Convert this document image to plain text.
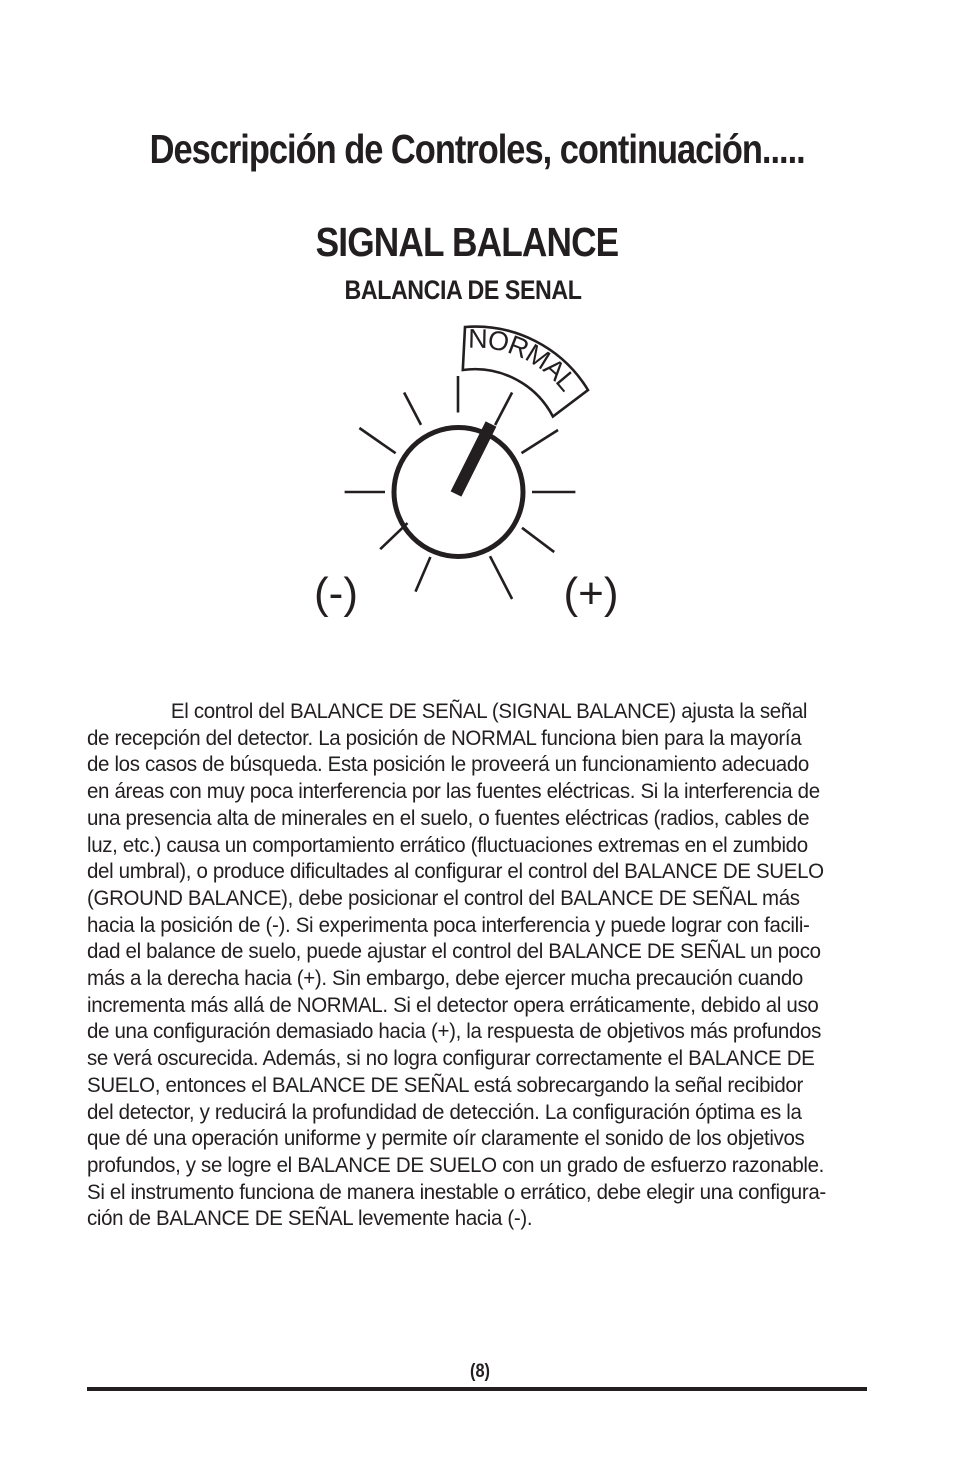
Descripción de Controles, continuación.....
SIGNAL BALANCE
BALANCIA DE SENAL
NORMAL
(-)	(+)
El control del BALANCE DE SEÑAL (SIGNAL BALANCE) ajusta la señal
de recepción del detector. La posición de NORMAL funciona bien para la mayoría
de los casos de búsqueda. Esta posición le proveerá un funcionamiento adecuado
en áreas con muy poca interferencia por las fuentes eléctricas. Si la interferencia de
una presencia alta de minerales en el suelo, o fuentes eléctricas (radios, cables de
luz, etc.) causa un comportamiento errático (fluctuaciones extremas en el zumbido
del umbral), o produce dificultades al configurar el control del BALANCE DE SUELO
(GROUND BALANCE), debe posicionar el control del BALANCE DE SEÑAL más
hacia la posición de (-). Si experimenta poca interferencia y puede lograr con facili-
dad el balance de suelo, puede ajustar el control del BALANCE DE SEÑAL un poco
más a la derecha hacia (+). Sin embargo, debe ejercer mucha precaución cuando
incrementa más allá de NORMAL. Si el detector opera erráticamente, debido al uso
de una configuración demasiado hacia (+), la respuesta de objetivos más profundos
se verá oscurecida. Además, si no logra configurar correctamente el BALANCE DE
SUELO, entonces el BALANCE DE SEÑAL está sobrecargando la señal recibidor
del detector, y reducirá la profundidad de detección. La configuración óptima es la
que dé una operación uniforme y permite oír claramente el sonido de los objetivos
profundos, y se logre el BALANCE DE SUELO con un grado de esfuerzo razonable.
Si el instrumento funciona de manera inestable o errático, debe elegir una configura-
ción de BALANCE DE SEÑAL levemente hacia (-).
(8)
